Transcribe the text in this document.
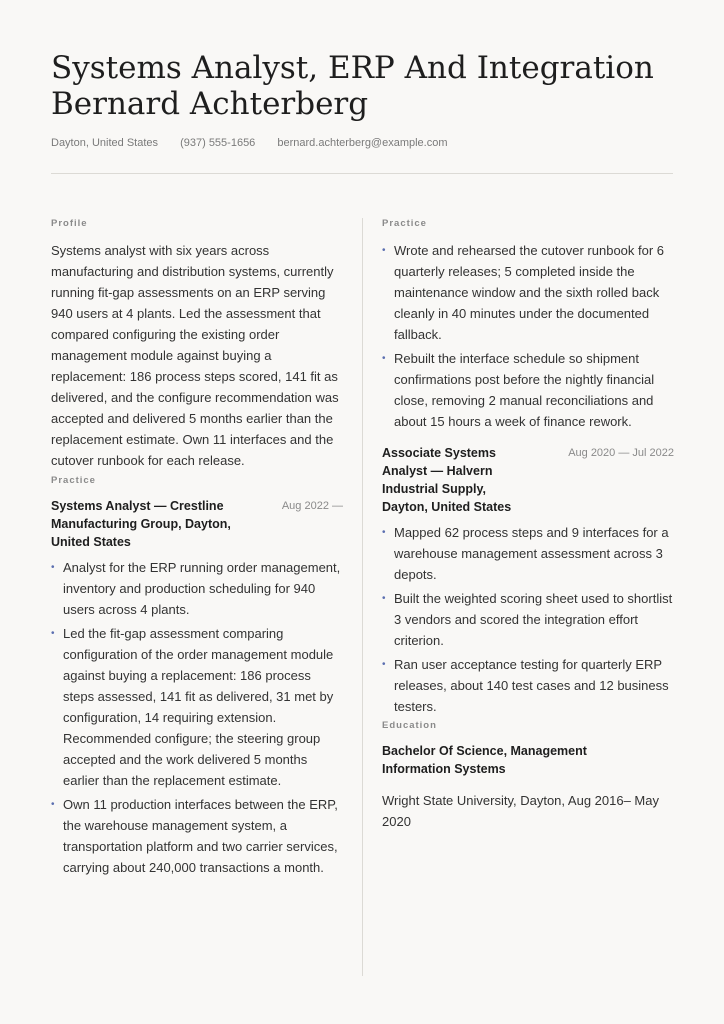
Systems Analyst, ERP And Integration
Bernard Achterberg
Dayton, United States (937) 555-1656 bernard.achterberg@example.com
Profile

Systems analyst with six years across manufacturing and distribution systems, currently running fit-gap assessments on an ERP serving 940 users at 4 plants. Led the assessment that compared configuring the existing order management module against buying a replacement: 186 process steps scored, 141 fit as delivered, and the configure recommendation was accepted and delivered 5 months earlier than the replacement estimate. Own 11 interfaces and the cutover runbook for each release.

Practice
Systems Analyst — Crestline Manufacturing Group, Dayton, United States
Aug 2022 —
• Analyst for the ERP running order management, inventory and production scheduling for 940 users across 4 plants.
• Led the fit-gap assessment comparing configuration of the order management module against buying a replacement: 186 process steps assessed, 141 fit as delivered, 31 met by configuration, 14 requiring extension. Recommended configure; the steering group accepted and the work delivered 5 months earlier than the replacement estimate.
• Own 11 production interfaces between the ERP, the warehouse management system, a transportation platform and two carrier services, carrying about 240,000 transactions a month.
Practice
• Wrote and rehearsed the cutover runbook for 6 quarterly releases; 5 completed inside the maintenance window and the sixth rolled back cleanly in 40 minutes under the documented fallback.
• Rebuilt the interface schedule so shipment confirmations post before the nightly financial close, removing 2 manual reconciliations and about 15 hours a week of finance rework.
Associate Systems Analyst — Halvern Industrial Supply, Dayton, United States
Aug 2020 — Jul 2022
• Mapped 62 process steps and 9 interfaces for a warehouse management assessment across 3 depots.
• Built the weighted scoring sheet used to shortlist 3 vendors and scored the integration effort criterion.
• Ran user acceptance testing for quarterly ERP releases, about 140 test cases and 12 business testers.
Education
Bachelor Of Science, Management Information Systems
Wright State University, Dayton, Aug 2016– May 2020
